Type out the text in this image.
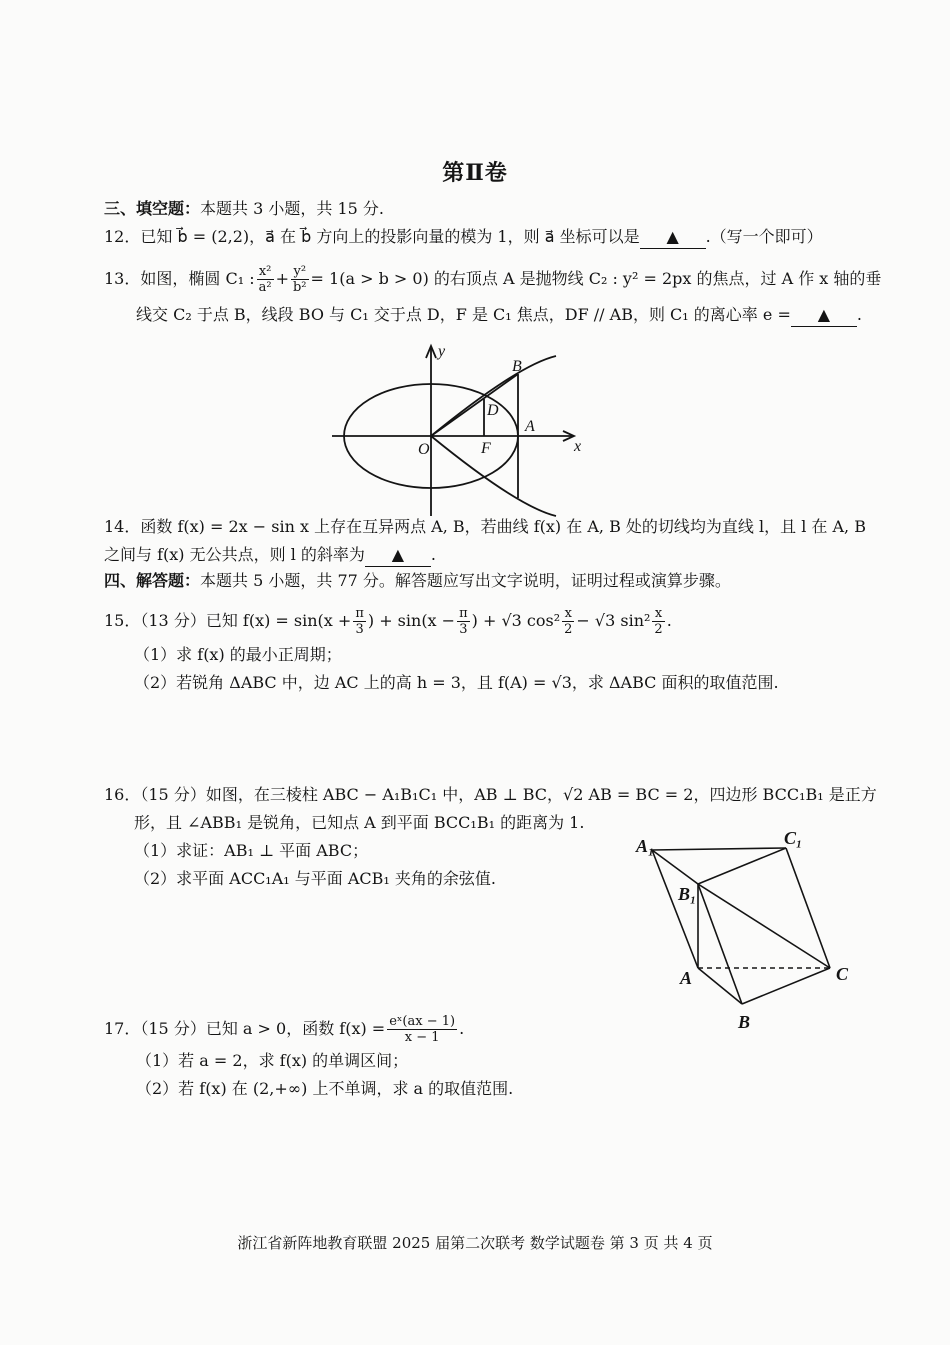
第Ⅱ卷
三、填空题：本题共 3 小题，共 15 分.
12．已知 b⃗ = (2,2)，a⃗ 在 b⃗ 方向上的投影向量的模为 1，则 a⃗ 坐标可以是 ▲ .（写一个即可）
13．如图，椭圆 C₁ : $\frac{\text{x²}}{\text{a²}} + \frac{\text{y²}}{\text{b²}} = 1(a > b > 0)$ 的右顶点 A 是抛物线 C₂ : y² = 2px 的焦点，过 A 作 x 轴的垂
线交 C₂ 于点 B，线段 BO 与 C₁ 交于点 D，F 是 C₁ 焦点，DF // AB，则 C₁ 的离心率 e = ▲ .
y
x
B
D
A
O	F
14．函数 f(x) = 2x − sin x 上存在互异两点 A, B，若曲线 f(x) 在 A, B 处的切线均为直线 l，且 l 在 A, B
之间与 f(x) 无公共点，则 l 的斜率为 ▲ .
四、解答题：本题共 5 小题，共 77 分。解答题应写出文字说明，证明过程或演算步骤。
15．（13 分）已知 $f(x) = \sin(x + \frac{\pi}{3}$ ) + $\sin(x - \frac{\pi}{3}$ ) + √3 $\cos^2 \frac{x}{2} - √3$ $\sin^2 \frac{x}{2}$ .
（1）求 f(x) 的最小正周期；
（2）若锐角 ΔABC 中，边 AC 上的高 h = 3，且 f(A) = √3，求 ΔABC 面积的取值范围.
16．（15 分）如图，在三棱柱 ABC − A₁B₁C₁ 中，AB ⊥ BC，√2 AB = BC = 2，四边形 BCC₁B₁ 是正方
形，且 ∠ABB₁ 是锐角，已知点 A 到平面 BCC₁B₁ 的距离为 1.
（1）求证：AB₁ ⊥ 平面 ABC；
（2）求平面 ACC₁A₁ 与平面 ACB₁ 夹角的余弦值.
A₁	C₁
B₁
A
B
C
17．（15 分）已知 a > 0，函数 $f(x) = \frac{\text{eˣ(ax − 1)}}{x - 1}$ .
（1）若 a = 2，求 f(x) 的单调区间；
（2）若 f(x) 在 (2,+∞) 上不单调，求 a 的取值范围.
浙江省新阵地教育联盟 2025 届第二次联考 数学试题卷 第 3 页 共 4 页
